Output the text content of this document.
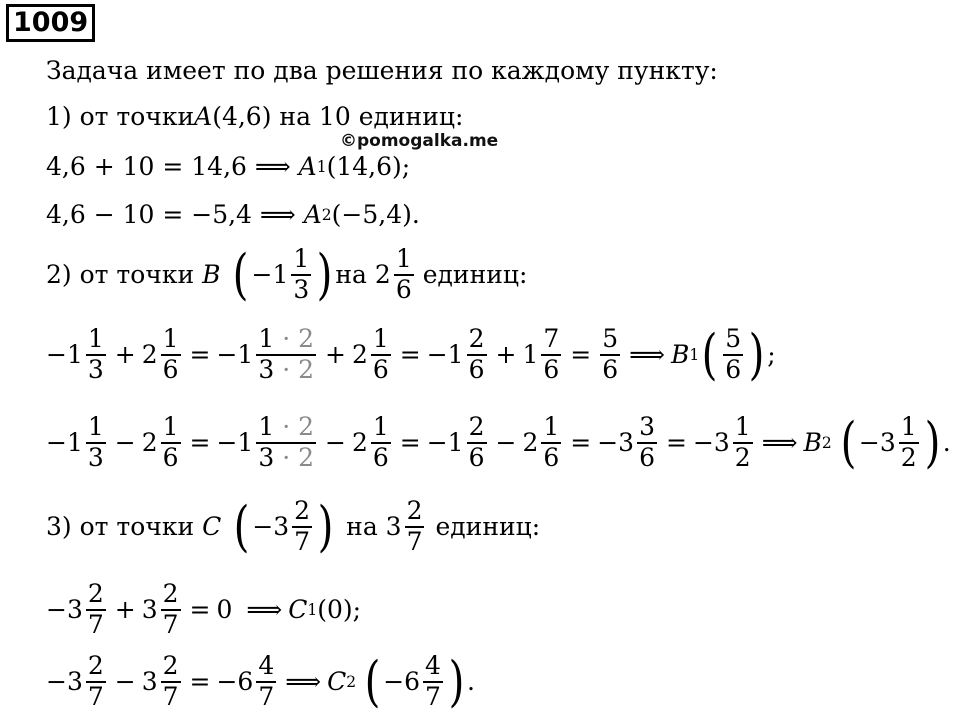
1009
©pomogalka.me
Задача имеет по два решения по каждому пункту:
1) от точки A (4,6) на 10 единиц:
4,6 + 10 = 14,6 ⟹ A 1 (14,6);
4,6 − 10 = −5,4 ⟹ A 2 (−5,4).
2) от точки B ( $-1 \frac{1}{3}$ ) на $2 \frac{1}{6}$ единиц:
$-1 \frac{1}{3} + 2 \frac{1}{6} = -1 \frac{1 \cdot 2}{3 \cdot 2} + 2 \frac{1}{6} = -1 \frac{2}{6} + 1 \frac{7}{6} = \frac{5}{6}$ ⟹ B 1 ( $\frac{5}{6}$ ) ;
$-1 \frac{1}{3} - 2 \frac{1}{6} = -1 \frac{1 \cdot 2}{3 \cdot 2} - 2 \frac{1}{6} = -1 \frac{2}{6} - 2 \frac{1}{6} = -3 \frac{3}{6} = -3 \frac{1}{2}$ ⟹ B 2 ( $-3 \frac{1}{2}$ ) .
3) от точки C ( $-3 \frac{2}{7}$ ) на $3 \frac{2}{7}$ единиц:
$-3 \frac{2}{7} + 3 \frac{2}{7} = 0$ ⟹ C 1 (0);
$-3 \frac{2}{7} - 3 \frac{2}{7} = -6 \frac{4}{7}$ ⟹ C 2 ( $-6 \frac{4}{7}$ ) .
